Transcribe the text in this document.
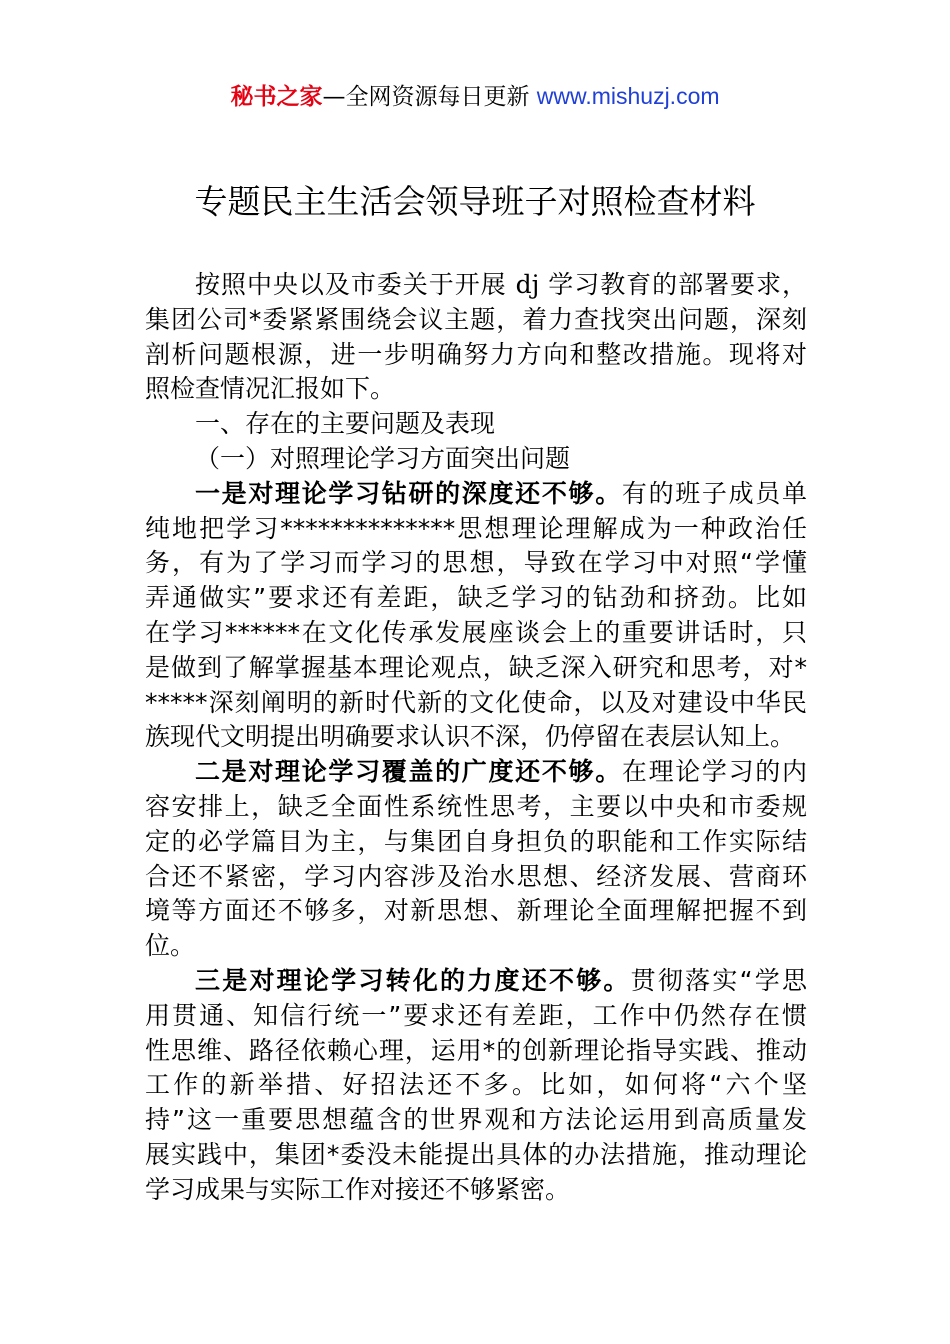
秘书之家—全网资源每日更新 www.mishuzj.com
专题民主生活会领导班子对照检查材料
按照中央以及市委关于开展 dj 学习教育的部署要求，
集团公司*委紧紧围绕会议主题，着力查找突出问题，深刻
剖析问题根源，进一步明确努力方向和整改措施。现将对
照检查情况汇报如下。
一、存在的主要问题及表现
（一）对照理论学习方面突出问题
一是对理论学习钻研的深度还不够。有的班子成员单
纯地把学习**************思想理论理解成为一种政治任
务，有为了学习而学习的思想，导致在学习中对照“学懂
弄通做实”要求还有差距，缺乏学习的钻劲和挤劲。比如
在学习******在文化传承发展座谈会上的重要讲话时，只
是做到了解掌握基本理论观点，缺乏深入研究和思考，对*
*****深刻阐明的新时代新的文化使命，以及对建设中华民
族现代文明提出明确要求认识不深，仍停留在表层认知上。
二是对理论学习覆盖的广度还不够。在理论学习的内
容安排上，缺乏全面性系统性思考，主要以中央和市委规
定的必学篇目为主，与集团自身担负的职能和工作实际结
合还不紧密，学习内容涉及治水思想、经济发展、营商环
境等方面还不够多，对新思想、新理论全面理解把握不到
位。
三是对理论学习转化的力度还不够。贯彻落实“学思
用贯通、知信行统一”要求还有差距，工作中仍然存在惯
性思维、路径依赖心理，运用*的创新理论指导实践、推动
工作的新举措、好招法还不多。比如，如何将“六个坚
持”这一重要思想蕴含的世界观和方法论运用到高质量发
展实践中，集团*委没未能提出具体的办法措施，推动理论
学习成果与实际工作对接还不够紧密。
